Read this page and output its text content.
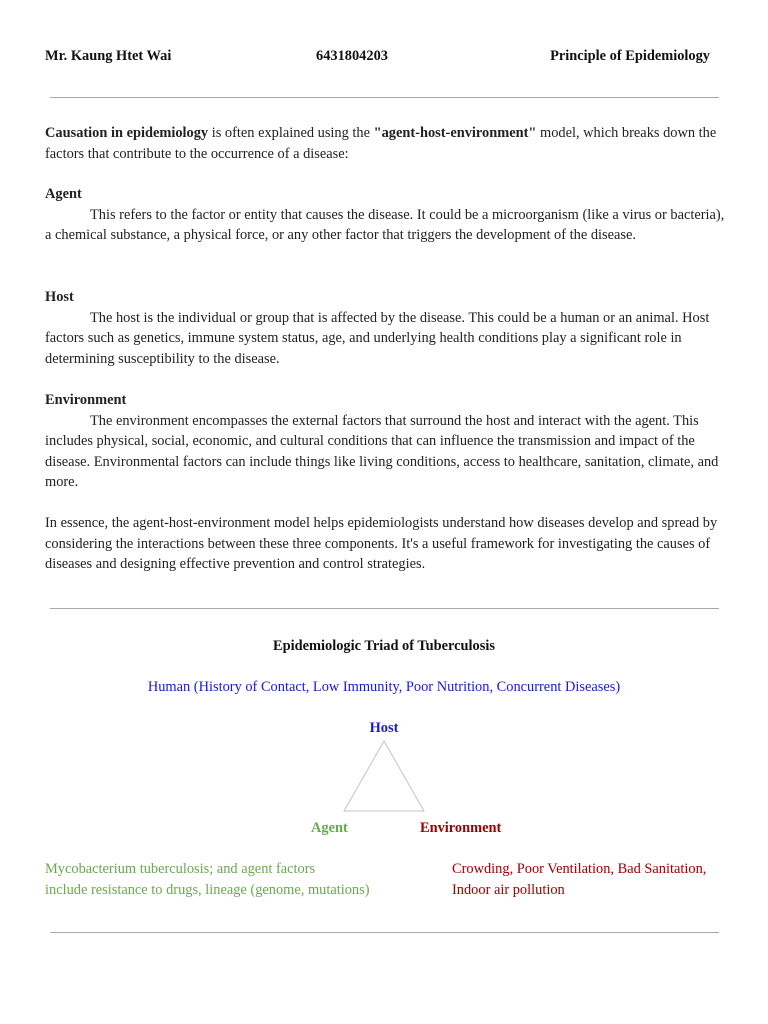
Mr. Kaung Htet Wai	6431804203	Principle of Epidemiology

Causation in epidemiology is often explained using the "agent-host-environment" model, which breaks down the factors that contribute to the occurrence of a disease:

Agent

This refers to the factor or entity that causes the disease. It could be a microorganism (like a virus or bacteria), a chemical substance, a physical force, or any other factor that triggers the development of the disease.

Host

The host is the individual or group that is affected by the disease. This could be a human or an animal. Host factors such as genetics, immune system status, age, and underlying health conditions play a significant role in determining susceptibility to the disease.

Environment

The environment encompasses the external factors that surround the host and interact with the agent. This includes physical, social, economic, and cultural conditions that can influence the transmission and impact of the disease. Environmental factors can include things like living conditions, access to healthcare, sanitation, climate, and more.

In essence, the agent-host-environment model helps epidemiologists understand how diseases develop and spread by considering the interactions between these three components. It's a useful framework for investigating the causes of diseases and designing effective prevention and control strategies.

Epidemiologic Triad of Tuberculosis
Human (History of Contact, Low Immunity, Poor Nutrition, Concurrent Diseases)
Host
Agent	Environment
Mycobacterium tuberculosis; and agent factors
include resistance to drugs, lineage (genome, mutations)
Crowding, Poor Ventilation, Bad Sanitation,
Indoor air pollution
